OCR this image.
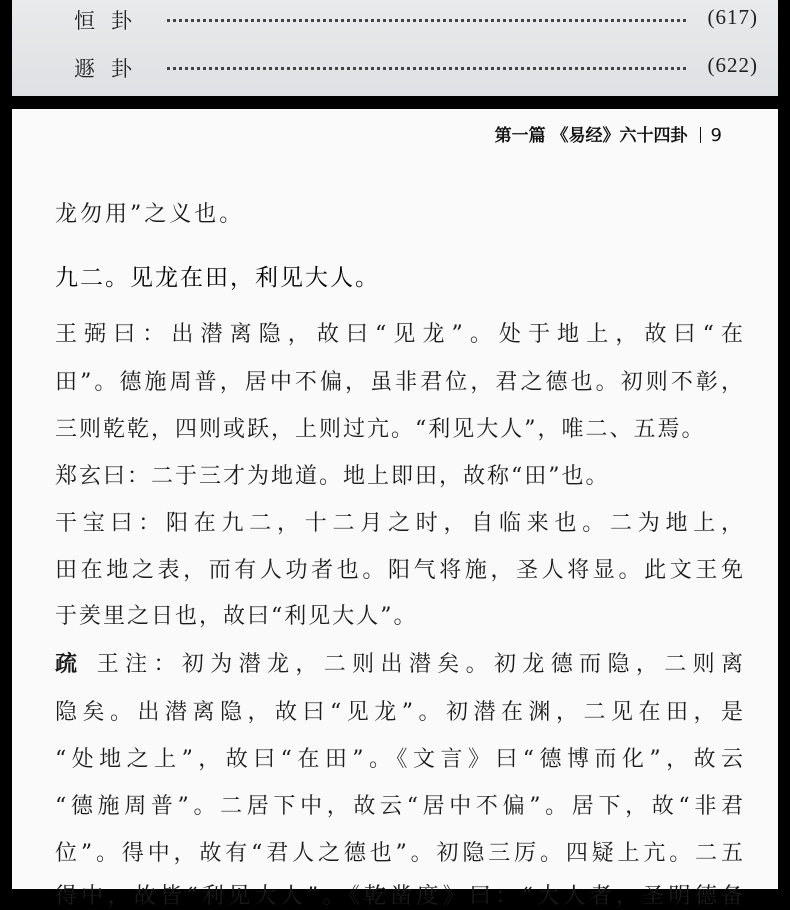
恒卦	(617)
遯卦	(622)
第一篇 《易经》六十四卦 9
龙勿用”之义也。
九二。见龙在田，利见大人。
王弼曰：出潜离隐，故曰“见龙”。处于地上，故曰“在
田”。德施周普，居中不偏，虽非君位，君之德也。初则不彰，
三则乾乾，四则或跃，上则过亢。“利见大人”，唯二、五焉。
郑玄曰：二于三才为地道。地上即田，故称“田”也。
干宝曰：阳在九二，十二月之时，自临来也。二为地上，
田在地之表，而有人功者也。阳气将施，圣人将显。此文王免
于羑里之日也，故曰“利见大人”。
疏 王注：初为潜龙，二则出潜矣。初龙德而隐，二则离
隐矣。出潜离隐，故曰“见龙”。初潜在渊，二见在田，是
“处地之上”，故曰“在田”。《文言》曰“德博而化”，故云
“德施周普”。二居下中，故云“居中不偏”。居下，故“非君
位”。得中，故有“君人之德也”。初隐三厉。四疑上亢。二五
得中，故皆“利见大人”。《乾凿度》曰：“大人者，圣明德备
